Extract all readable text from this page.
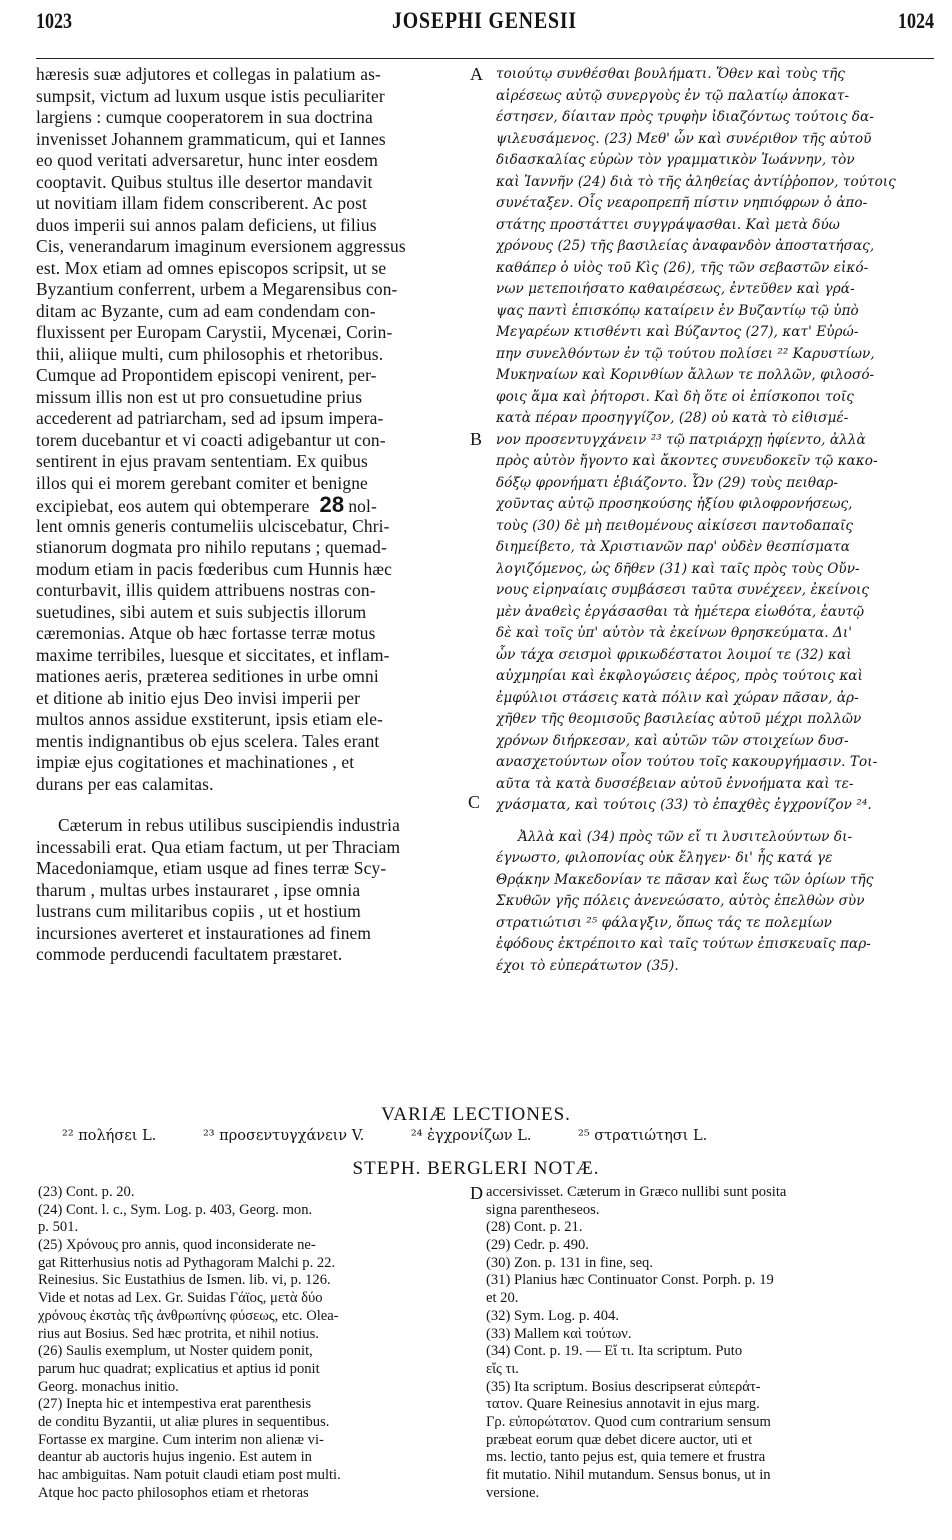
1023	JOSEPHI GENESII	1024
hæresis suæ adjutores et collegas in palatium as-
sumpsit, victum ad luxum usque istis peculiariter
largiens : cumque cooperatorem in sua doctrina
invenisset Johannem grammaticum, qui et Iannes
eo quod veritati adversaretur, hunc inter eosdem
cooptavit. Quibus stultus ille desertor mandavit
ut novitiam illam fidem conscriberent. Ac post
duos imperii sui annos palam deficiens, ut filius
Cis, venerandarum imaginum eversionem aggressus
est. Mox etiam ad omnes episcopos scripsit, ut se
Byzantium conferrent, urbem a Megarensibus con-
ditam ac Byzante, cum ad eam condendam con-
fluxissent per Europam Carystii, Mycenæi, Corin-
thii, aliique multi, cum philosophis et rhetoribus.
Cumque ad Propontidem episcopi venirent, per-
missum illis non est ut pro consuetudine prius
accederent ad patriarcham, sed ad ipsum impera-
torem ducebantur et vi coacti adigebantur ut con-
sentirent in ejus pravam sententiam. Ex quibus
illos qui ei morem gerebant comiter et benigne
excipiebat, eos autem qui obtemperare 28 nol-
lent omnis generis contumeliis ulciscebatur, Chri-
stianorum dogmata pro nihilo reputans ; quemad-
modum etiam in pacis fœderibus cum Hunnis hæc
conturbavit, illis quidem attribuens nostras con-
suetudines, sibi autem et suis subjectis illorum
cæremonias. Atque ob hæc fortasse terræ motus
maxime terribiles, luesque et siccitates, et inflam-
mationes aeris, præterea seditiones in urbe omni
et ditione ab initio ejus Deo invisi imperii per
multos annos assidue exstiterunt, ipsis etiam ele-
mentis indignantibus ob ejus scelera. Tales erant
impiæ ejus cogitationes et machinationes , et
durans per eas calamitas.
Cæterum in rebus utilibus suscipiendis industria
incessabili erat. Qua etiam factum, ut per Thraciam
Macedoniamque, etiam usque ad fines terræ Scy-
tharum , multas urbes instauraret , ipse omnia
lustrans cum militaribus copiis , ut et hostium
incursiones averteret et instaurationes ad finem
commode perducendi facultatem præstaret.
τοιούτῳ συνθέσθαι βουλήματι. Ὅθεν καὶ τοὺς τῆς
αἱρέσεως αὐτῷ συνεργοὺς ἐν τῷ παλατίῳ ἀποκατ-
έστησεν, δίαιταν πρὸς τρυφὴν ἰδιαζόντως τούτοις δα-
ψιλευσάμενος. (23) Μεθ' ὧν καὶ συνέριθον τῆς αὐτοῦ
διδασκαλίας εὑρὼν τὸν γραμματικὸν Ἰωάννην, τὸν
καὶ Ἰαννῆν (24) διὰ τὸ τῆς ἀληθείας ἀντίῤῥοπον, τούτοις
συνέταξεν. Οἷς νεαροπρεπῆ πίστιν νηπιόφρων ὁ ἀπο-
στάτης προστάττει συγγράψασθαι. Καὶ μετὰ δύω
χρόνους (25) τῆς βασιλείας ἀναφανδὸν ἀποστατήσας,
καθάπερ ὁ υἱὸς τοῦ Κὶς (26), τῆς τῶν σεβαστῶν εἰκό-
νων μετεποιήσατο καθαιρέσεως, ἐντεῦθεν καὶ γρά-
ψας παντὶ ἐπισκόπῳ καταίρειν ἐν Βυζαντίῳ τῷ ὑπὸ
Μεγαρέων κτισθέντι καὶ Βύζαντος (27), κατ' Εὐρώ-
πην συνελθόντων ἐν τῷ τούτου πολίσει ²² Καρυστίων,
Μυκηναίων καὶ Κορινθίων ἄλλων τε πολλῶν, φιλοσό-
φοις ἅμα καὶ ῥήτορσι. Καὶ δὴ ὅτε οἱ ἐπίσκοποι τοῖς
κατὰ πέραν προσηγγίζον, (28) οὐ κατὰ τὸ εἰθισμέ-
νον προσεντυγχάνειν ²³ τῷ πατριάρχῃ ἠφίεντο, ἀλλὰ
πρὸς αὐτὸν ἤγοντο καὶ ἄκοντες συνευδοκεῖν τῷ κακο-
δόξῳ φρονήματι ἐβιάζοντο. Ὧν (29) τοὺς πειθαρ-
χοῦντας αὐτῷ προσηκούσης ἠξίου φιλοφρονήσεως,
τοὺς (30) δὲ μὴ πειθομένους αἰκίσεσι παντοδαπαῖς
διημείβετο, τὰ Χριστιανῶν παρ' οὐδὲν θεσπίσματα
λογιζόμενος, ὡς δῆθεν (31) καὶ ταῖς πρὸς τοὺς Οὔν-
νους εἰρηναίαις συμβάσεσι ταῦτα συνέχεεν, ἐκείνοις
μὲν ἀναθεὶς ἐργάσασθαι τὰ ἡμέτερα εἰωθότα, ἑαυτῷ
δὲ καὶ τοῖς ὑπ' αὐτὸν τὰ ἐκείνων θρησκεύματα. Δι'
ὧν τάχα σεισμοὶ φρικωδέστατοι λοιμοί τε (32) καὶ
αὐχμηρίαι καὶ ἐκφλογώσεις ἀέρος, πρὸς τούτοις καὶ
ἐμφύλιοι στάσεις κατὰ πόλιν καὶ χώραν πᾶσαν, ἀρ-
χῆθεν τῆς θεομισοῦς βασιλείας αὐτοῦ μέχρι πολλῶν
χρόνων διήρκεσαν, καὶ αὐτῶν τῶν στοιχείων δυσ-
ανασχετούντων οἷον τούτου τοῖς κακουργήμασιν. Τοι-
αῦτα τὰ κατὰ δυσσέβειαν αὐτοῦ ἐννοήματα καὶ τε-
χνάσματα, καὶ τούτοις (33) τὸ ἐπαχθὲς ἐγχρονίζον ²⁴.
Ἀλλὰ καὶ (34) πρὸς τῶν εἴ τι λυσιτελούντων δι-
έγνωστο, φιλοπονίας οὐκ ἔληγεν· δι' ἧς κατά γε
Θρᾴκην Μακεδονίαν τε πᾶσαν καὶ ἕως τῶν ὁρίων τῆς
Σκυθῶν γῆς πόλεις ἀνενεώσατο, αὐτὸς ἐπελθὼν σὺν
στρατιώτισι ²⁵ φάλαγξιν, ὅπως τάς τε πολεμίων
ἐφόδους ἐκτρέποιτο καὶ ταῖς τούτων ἐπισκευαῖς παρ-
έχοι τὸ εὐπεράτωτον (35).
A
B
C
D
VARIÆ LECTIONES.
²² πολήσει L.	²³ προσεντυγχάνειν V.	²⁴ ἐγχρονίζων L.	²⁵ στρατιώτησι L.
STEPH. BERGLERI NOTÆ.
(23) Cont. p. 20.
(24) Cont. l. c., Sym. Log. p. 403, Georg. mon.
p. 501.
(25) Χρόνους pro annis, quod inconsiderate ne-
gat Ritterhusius notis ad Pythagoram Malchi p. 22.
Reinesius. Sic Eustathius de Ismen. lib. vi, p. 126.
Vide et notas ad Lex. Gr. Suidas Γάϊος, μετὰ δύο
χρόνους ἐκστὰς τῆς ἀνθρωπίνης φύσεως, etc. Olea-
rius aut Bosius. Sed hæc protrita, et nihil notius.
(26) Saulis exemplum, ut Noster quidem ponit,
parum huc quadrat; explicatius et aptius id ponit
Georg. monachus initio.
(27) Inepta hic et intempestiva erat parenthesis
de conditu Byzantii, ut aliæ plures in sequentibus.
Fortasse ex margine. Cum interim non alienæ vi-
deantur ab auctoris hujus ingenio. Est autem in
hac ambiguitas. Nam potuit claudi etiam post multi.
Atque hoc pacto philosophos etiam et rhetoras
accersivisset. Cæterum in Græco nullibi sunt posita
signa parentheseos.
(28) Cont. p. 21.
(29) Cedr. p. 490.
(30) Zon. p. 131 in fine, seq.
(31) Planius hæc Continuator Const. Porph. p. 19
et 20.
(32) Sym. Log. p. 404.
(33) Mallem καὶ τούτων.
(34) Cont. p. 19. — Εἴ τι. Ita scriptum. Puto
εἴς τι.
(35) Ita scriptum. Bosius descripserat εὐπεράτ-
τατον. Quare Reinesius annotavit in ejus marg.
Γρ. εὐπορώτατον. Quod cum contrarium sensum
præbeat eorum quæ debet dicere auctor, uti et
ms. lectio, tanto pejus est, quia temere et frustra
fit mutatio. Nihil mutandum. Sensus bonus, ut in
versione.
